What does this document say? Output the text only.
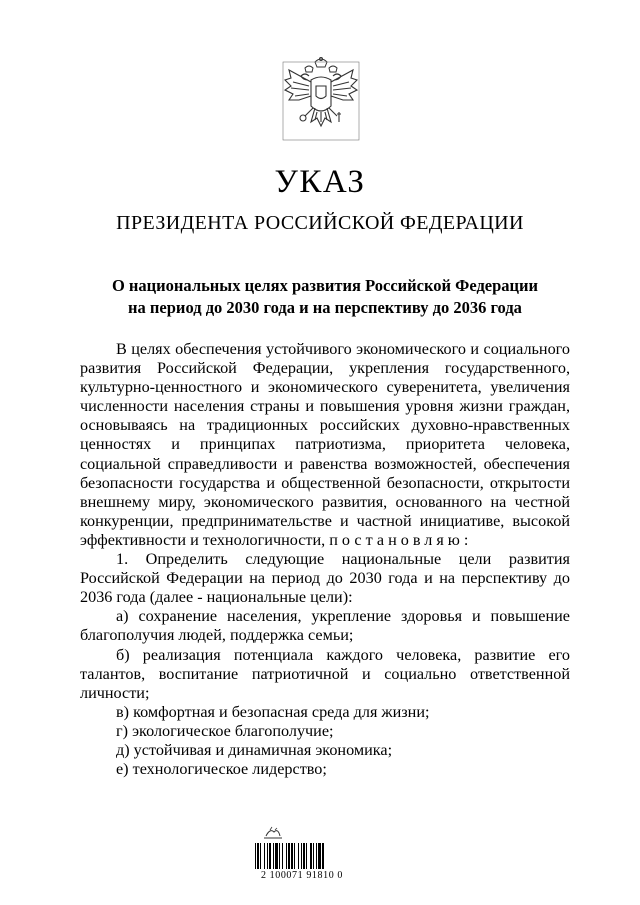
УКАЗ
ПРЕЗИДЕНТА РОССИЙСКОЙ ФЕДЕРАЦИИ
О национальных целях развития Российской Федерации
на период до 2030 года и на перспективу до 2036 года
В целях обеспечения устойчивого экономического и социального развития Российской Федерации, укрепления государственного, культурно-ценностного и экономического суверенитета, увеличения численности населения страны и повышения уровня жизни граждан, основываясь на традиционных российских духовно-нравственных ценностях и принципах патриотизма, приоритета человека, социальной справедливости и равенства возможностей, обеспечения безопасности государства и общественной безопасности, открытости внешнему миру, экономического развития, основанного на честной конкуренции, предпринимательстве и частной инициативе, высокой эффективности и технологичности, постановляю:
1. Определить следующие национальные цели развития Российской Федерации на период до 2030 года и на перспективу до 2036 года (далее - национальные цели):
а) сохранение населения, укрепление здоровья и повышение благополучия людей, поддержка семьи;
б) реализация потенциала каждого человека, развитие его талантов, воспитание патриотичной и социально ответственной личности;
в) комфортная и безопасная среда для жизни;
г) экологическое благополучие;
д) устойчивая и динамичная экономика;
е) технологическое лидерство;
2 100071 91810 0
